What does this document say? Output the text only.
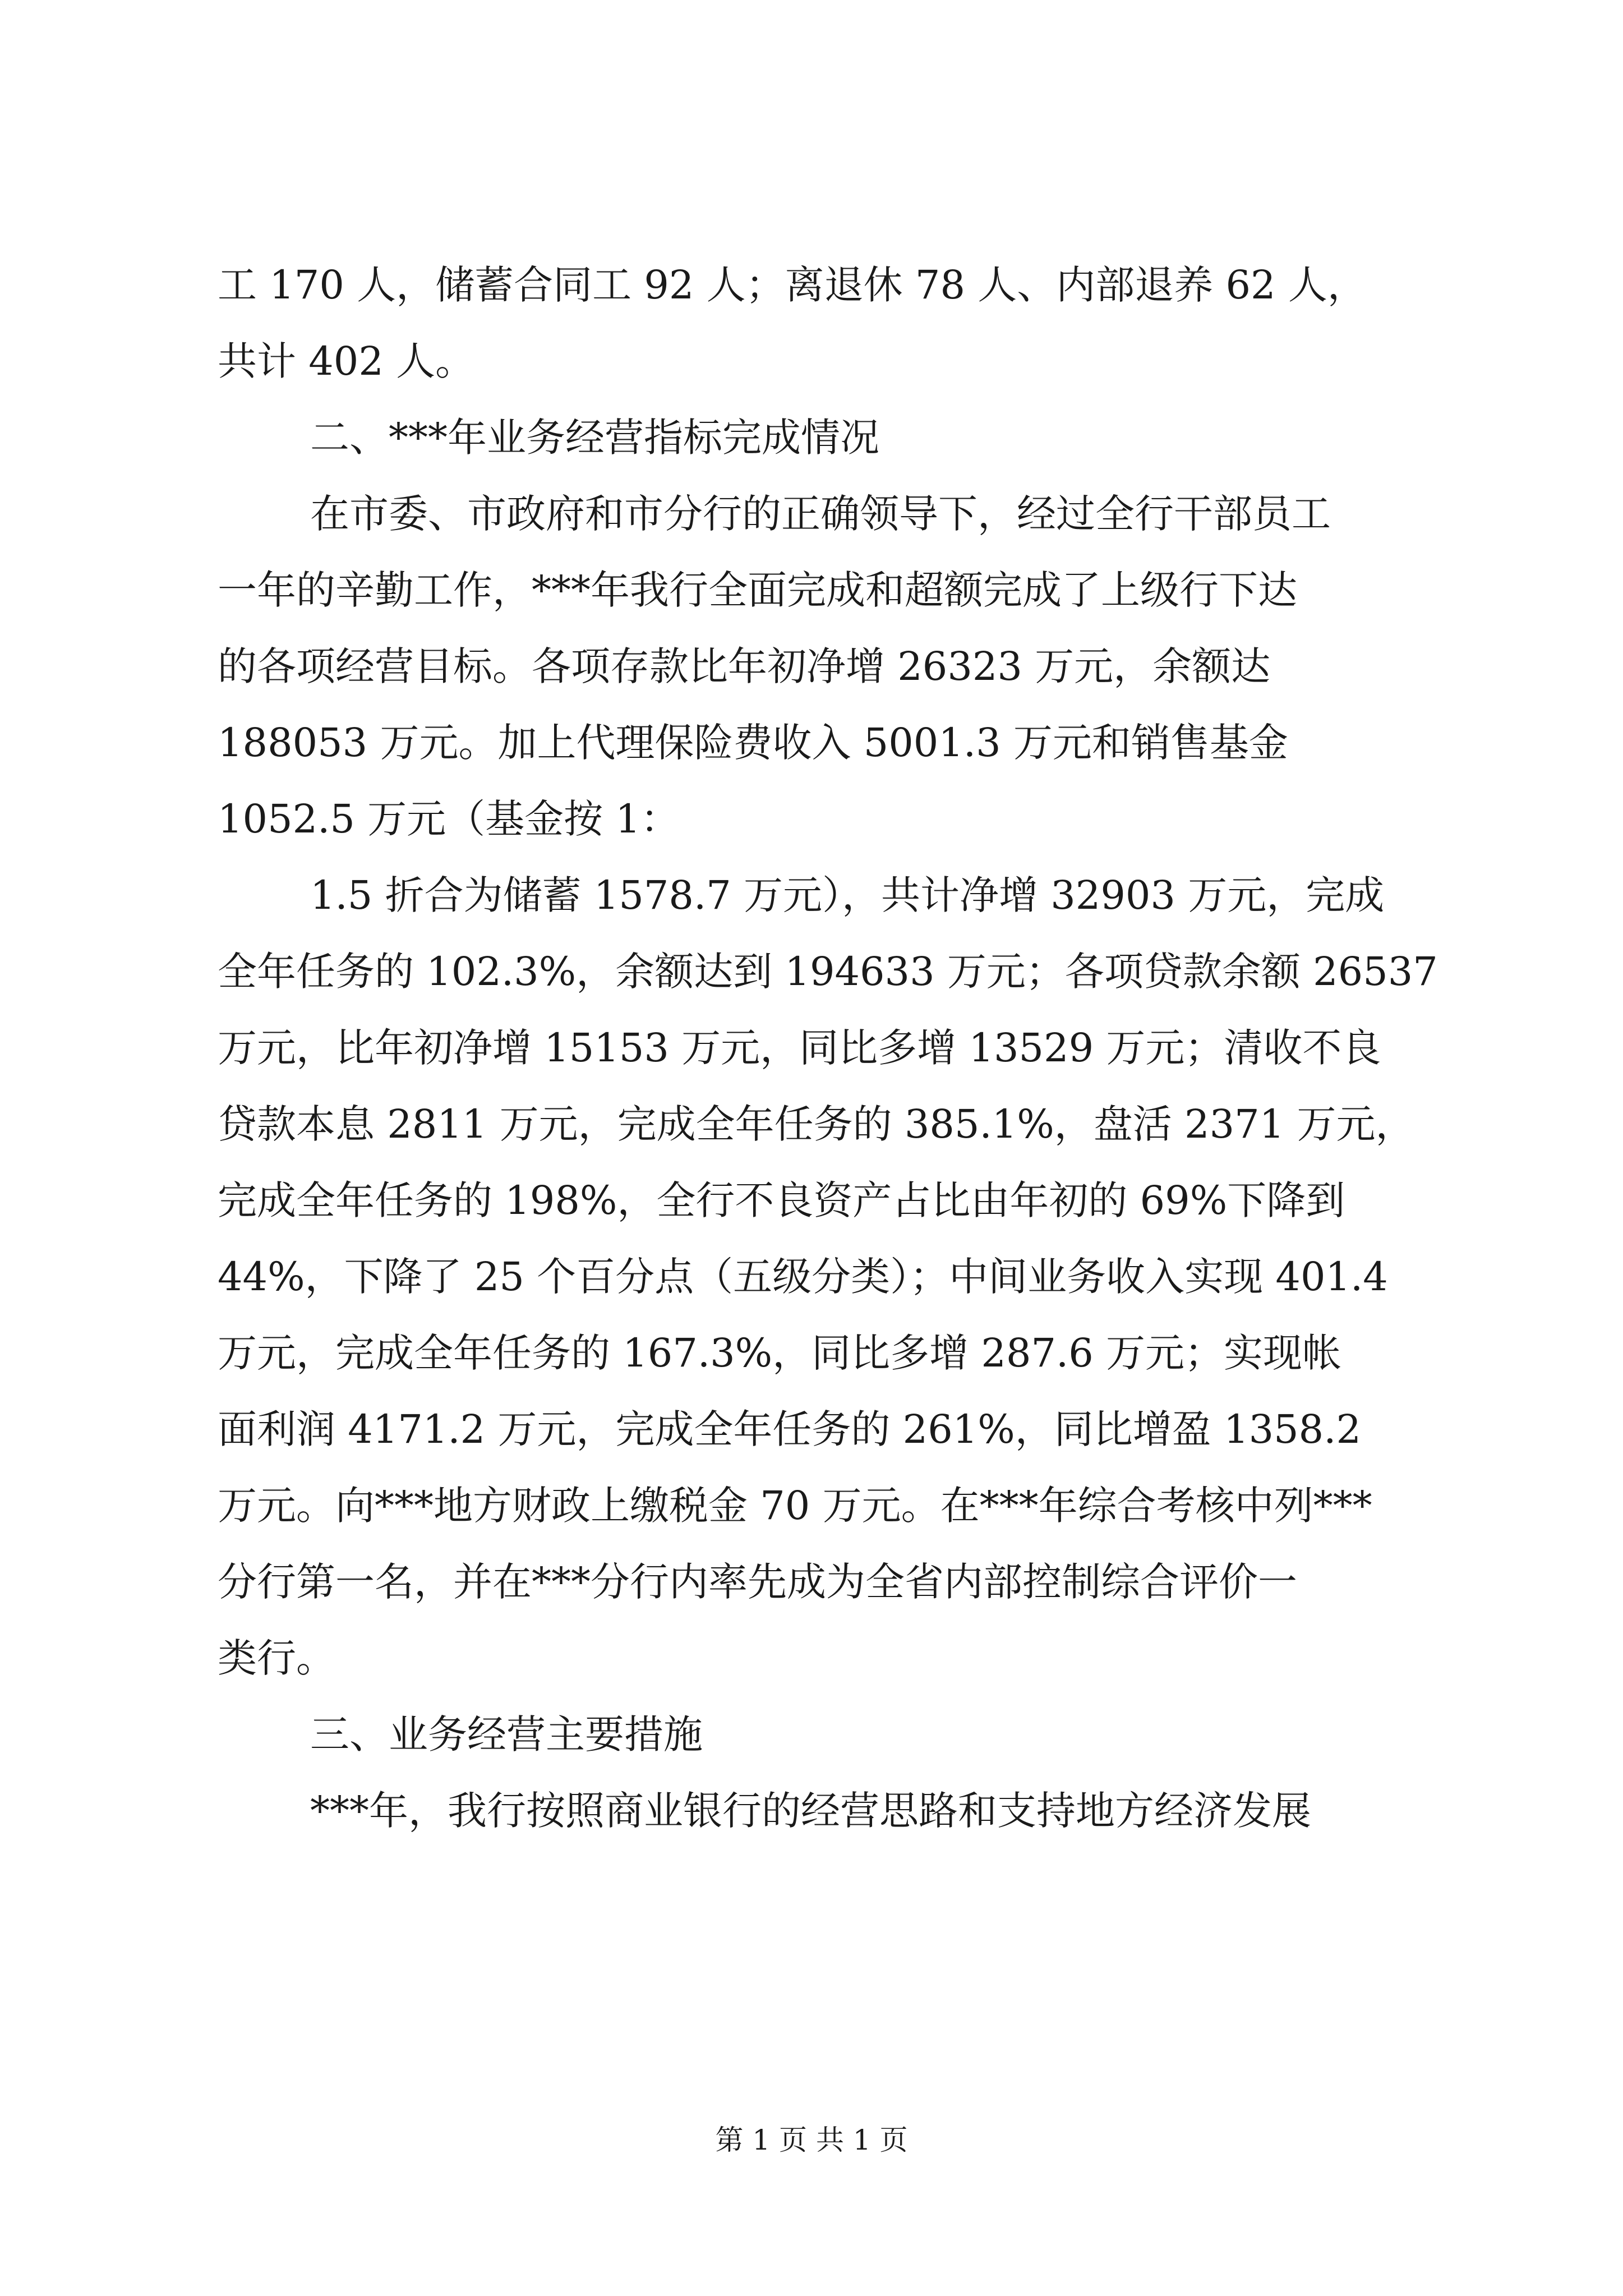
工 170 人，储蓄合同工 92 人；离退休 78 人、内部退养 62 人，
共计 402 人。
二、***年业务经营指标完成情况
在市委、市政府和市分行的正确领导下，经过全行干部员工
一年的辛勤工作，***年我行全面完成和超额完成了上级行下达
的各项经营目标。各项存款比年初净增 26323 万元，余额达
188053 万元。加上代理保险费收入 5001.3 万元和销售基金
1052.5 万元（基金按 1：
1.5 折合为储蓄 1578.7 万元），共计净增 32903 万元，完成
全年任务的 102.3%，余额达到 194633 万元；各项贷款余额 26537
万元，比年初净增 15153 万元，同比多增 13529 万元；清收不良
贷款本息 2811 万元，完成全年任务的 385.1%，盘活 2371 万元，
完成全年任务的 198%，全行不良资产占比由年初的 69%下降到
44%，下降了 25 个百分点（五级分类）；中间业务收入实现 401.4
万元，完成全年任务的 167.3%，同比多增 287.6 万元；实现帐
面利润 4171.2 万元，完成全年任务的 261%，同比增盈 1358.2
万元。向***地方财政上缴税金 70 万元。在***年综合考核中列***
分行第一名，并在***分行内率先成为全省内部控制综合评价一
类行。
三、业务经营主要措施
***年，我行按照商业银行的经营思路和支持地方经济发展
第 1 页 共 1 页
